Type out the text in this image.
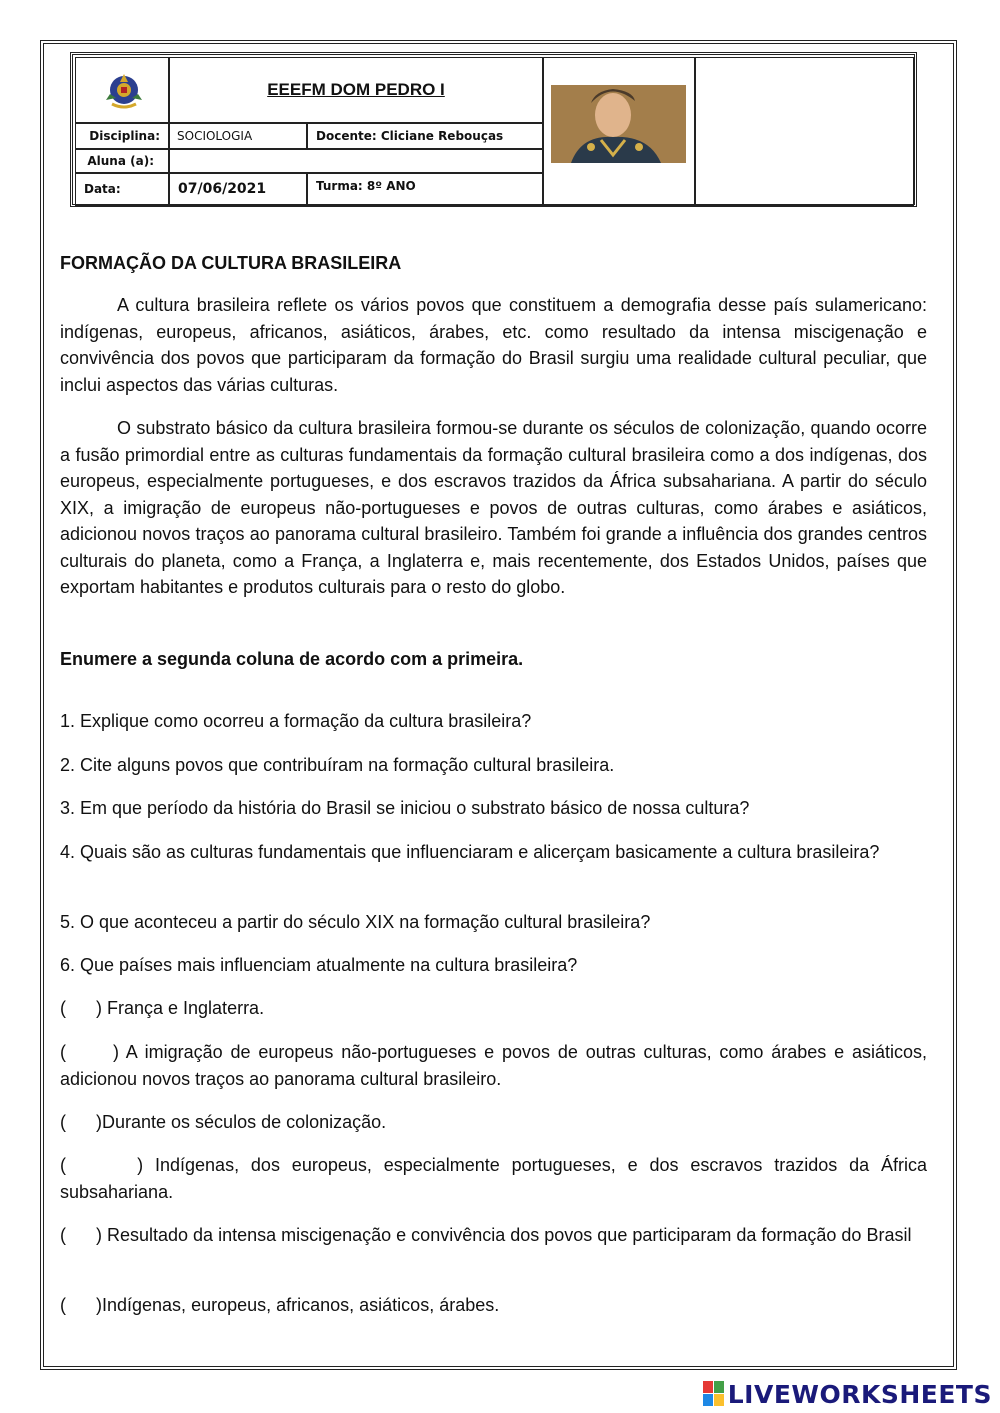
EEEFM DOM PEDRO I
Disciplina: SOCIOLOGIA	Docente: Cliciane Rebouças
Aluna (a):
Data:	07/06/2021	Turma: 8º ANO
FORMAÇÃO DA CULTURA BRASILEIRA
A cultura brasileira reflete os vários povos que constituem a demografia desse país sulamericano: indígenas, europeus, africanos, asiáticos, árabes, etc. como resultado da intensa miscigenação e convivência dos povos que participaram da formação do Brasil surgiu uma realidade cultural peculiar, que inclui aspectos das várias culturas.
O substrato básico da cultura brasileira formou-se durante os séculos de colonização, quando ocorre a fusão primordial entre as culturas fundamentais da formação cultural brasileira como a dos indígenas, dos europeus, especialmente portugueses, e dos escravos trazidos da África subsahariana. A partir do século XIX, a imigração de europeus não-portugueses e povos de outras culturas, como árabes e asiáticos, adicionou novos traços ao panorama cultural brasileiro. Também foi grande a influência dos grandes centros culturais do planeta, como a França, a Inglaterra e, mais recentemente, dos Estados Unidos, países que exportam habitantes e produtos culturais para o resto do globo.
Enumere a segunda coluna de acordo com a primeira.
1. Explique como ocorreu a formação da cultura brasileira?
2. Cite alguns povos que contribuíram na formação cultural brasileira.
3. Em que período da história do Brasil se iniciou o substrato básico de nossa cultura?
4. Quais são as culturas fundamentais que influenciaram e alicerçam basicamente a cultura brasileira?
5. O que aconteceu a partir do século XIX na formação cultural brasileira?
6. Que países mais influenciam atualmente na cultura brasileira?
(      ) França e Inglaterra.
(      ) A imigração de europeus não-portugueses e povos de outras culturas, como árabes e asiáticos, adicionou novos traços ao panorama cultural brasileiro.
(      )Durante os séculos de colonização.
(      ) Indígenas, dos europeus, especialmente portugueses, e dos escravos trazidos da África subsahariana.
(      ) Resultado da intensa miscigenação e convivência dos povos que participaram da formação do Brasil
(      )Indígenas, europeus, africanos, asiáticos, árabes.
LIVEWORKSHEETS
